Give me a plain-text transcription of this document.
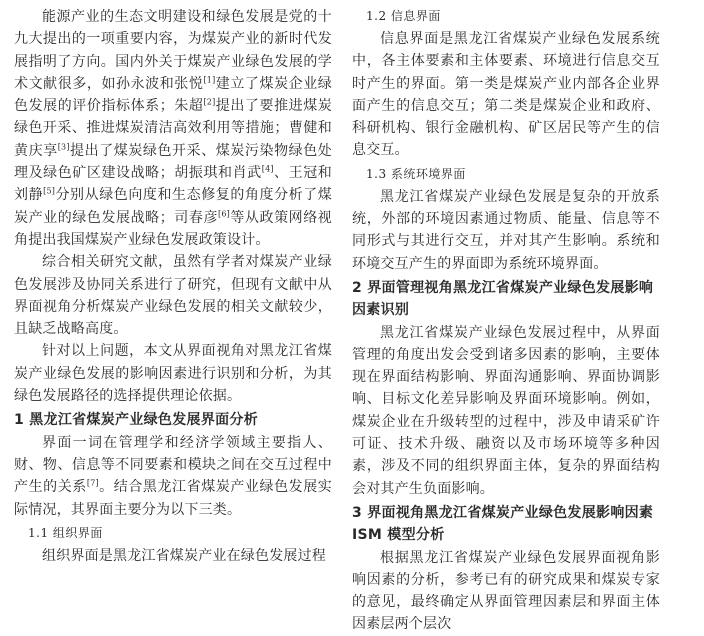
能源产业的生态文明建设和绿色发展是党的十九大提出的一项重要内容，为煤炭产业的新时代发展指明了方向。国内外关于煤炭产业绿色发展的学术文献很多，如孙永波和张悦[1]建立了煤炭企业绿色发展的评价指标体系；朱超[2]提出了要推进煤炭绿色开采、推进煤炭清洁高效利用等措施；曹健和黄庆享[3]提出了煤炭绿色开采、煤炭污染物绿色处理及绿色矿区建设战略；胡振琪和肖武[4]、王冠和刘静[5]分别从绿色向度和生态修复的角度分析了煤炭产业的绿色发展战略；司春彦[6]等从政策网络视角提出我国煤炭产业绿色发展政策设计。

综合相关研究文献，虽然有学者对煤炭产业绿色发展涉及协同关系进行了研究，但现有文献中从界面视角分析煤炭产业绿色发展的相关文献较少，且缺乏战略高度。

针对以上问题，本文从界面视角对黑龙江省煤炭产业绿色发展的影响因素进行识别和分析，为其绿色发展路径的选择提供理论依据。

1 黑龙江省煤炭产业绿色发展界面分析

界面一词在管理学和经济学领域主要指人、财、物、信息等不同要素和模块之间在交互过程中产生的关系[7]。结合黑龙江省煤炭产业绿色发展实际情况，其界面主要分为以下三类。

1.1 组织界面

组织界面是黑龙江省煤炭产业在绿色发展过程

1.2 信息界面

信息界面是黑龙江省煤炭产业绿色发展系统中，各主体要素和主体要素、环境进行信息交互时产生的界面。第一类是煤炭产业内部各企业界面产生的信息交互；第二类是煤炭企业和政府、科研机构、银行金融机构、矿区居民等产生的信息交互。

1.3 系统环境界面

黑龙江省煤炭产业绿色发展是复杂的开放系统，外部的环境因素通过物质、能量、信息等不同形式与其进行交互，并对其产生影响。系统和环境交互产生的界面即为系统环境界面。

2 界面管理视角黑龙江省煤炭产业绿色发展影响因素识别

黑龙江省煤炭产业绿色发展过程中，从界面管理的角度出发会受到诸多因素的影响，主要体现在界面结构影响、界面沟通影响、界面协调影响、目标文化差异影响及界面环境影响。例如，煤炭企业在升级转型的过程中，涉及申请采矿许可证、技术升级、融资以及市场环境等多种因素，涉及不同的组织界面主体，复杂的界面结构会对其产生负面影响。

3 界面视角黑龙江省煤炭产业绿色发展影响因素 ISM 模型分析

根据黑龙江省煤炭产业绿色发展界面视角影响因素的分析，参考已有的研究成果和煤炭专家的意见，最终确定从界面管理因素层和界面主体因素层两个层次
